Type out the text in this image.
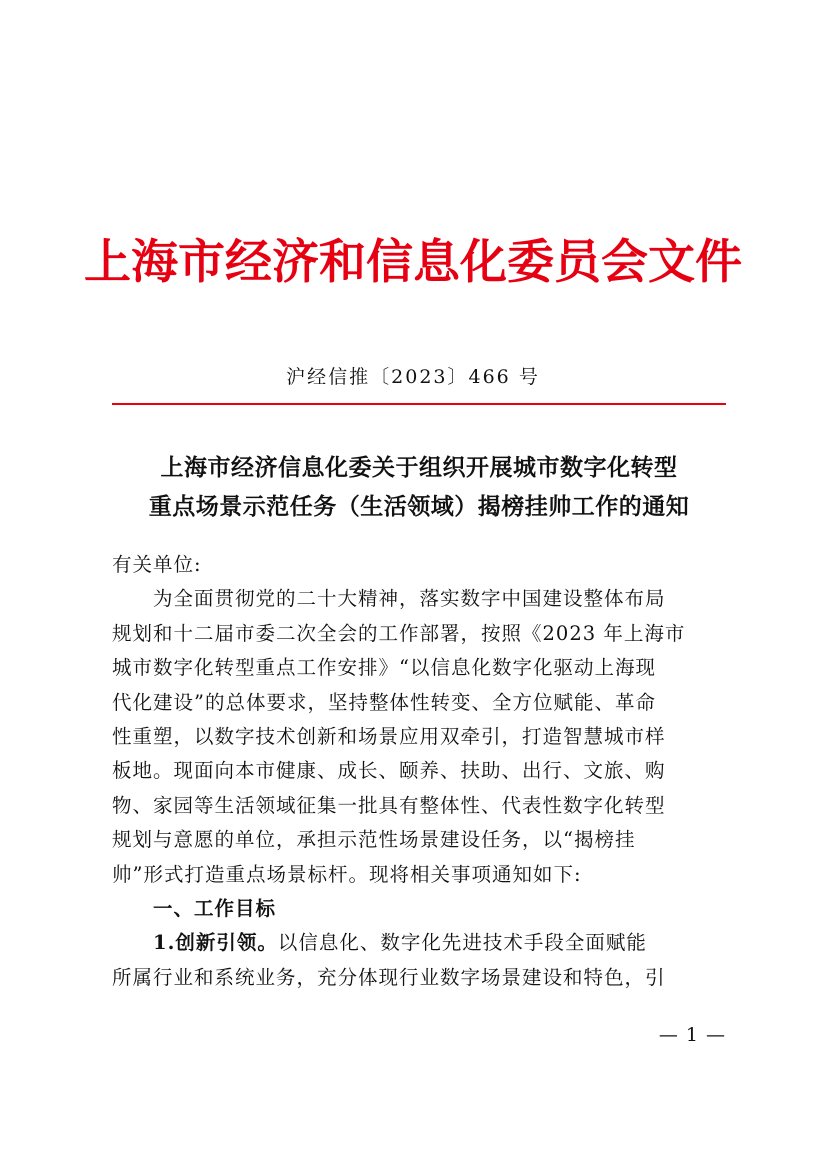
上海市经济和信息化委员会文件
沪经信推〔2023〕466 号
上海市经济信息化委关于组织开展城市数字化转型
重点场景示范任务（生活领域）揭榜挂帅工作的通知
有关单位:
为全面贯彻党的二十大精神，落实数字中国建设整体布局
规划和十二届市委二次全会的工作部署，按照《2023 年上海市
城市数字化转型重点工作安排》“以信息化数字化驱动上海现
代化建设”的总体要求，坚持整体性转变、全方位赋能、革命
性重塑，以数字技术创新和场景应用双牵引，打造智慧城市样
板地。现面向本市健康、成长、颐养、扶助、出行、文旅、购
物、家园等生活领域征集一批具有整体性、代表性数字化转型
规划与意愿的单位，承担示范性场景建设任务，以“揭榜挂
帅”形式打造重点场景标杆。现将相关事项通知如下:
一、工作目标
1.创新引领。以信息化、数字化先进技术手段全面赋能
所属行业和系统业务，充分体现行业数字场景建设和特色，引
— 1 —
